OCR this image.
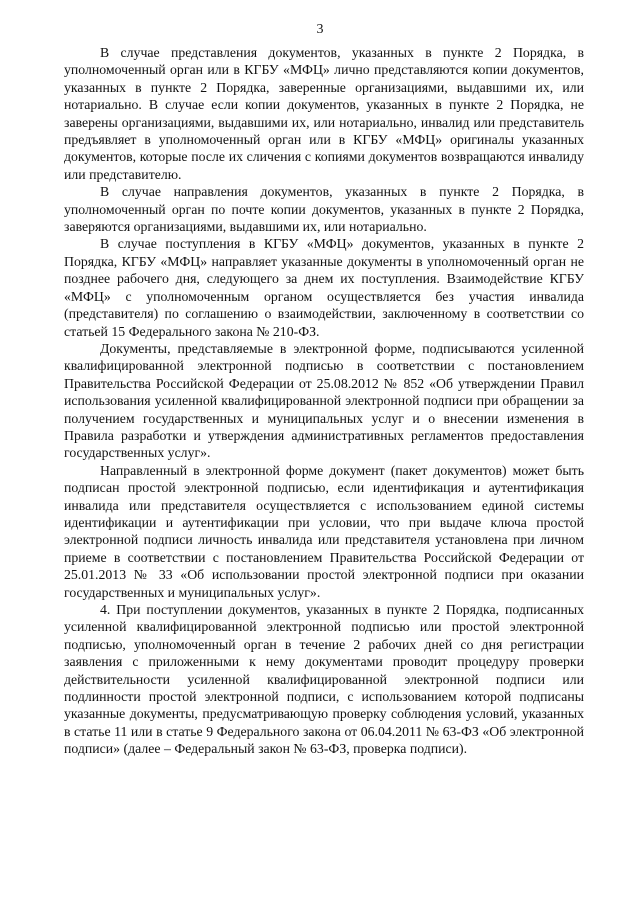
3

В случае представления документов, указанных в пункте 2 Порядка, в уполномоченный орган или в КГБУ «МФЦ» лично представляются копии документов, указанных в пункте 2 Порядка, заверенные организациями, выдавшими их, или нотариально. В случае если копии документов, указанных в пункте 2 Порядка, не заверены организациями, выдавшими их, или нотариально, инвалид или представитель предъявляет в уполномоченный орган или в КГБУ «МФЦ» оригиналы указанных документов, которые после их сличения с копиями документов возвращаются инвалиду или представителю.

В случае направления документов, указанных в пункте 2 Порядка, в уполномоченный орган по почте копии документов, указанных в пункте 2 Порядка, заверяются организациями, выдавшими их, или нотариально.

В случае поступления в КГБУ «МФЦ» документов, указанных в пункте 2 Порядка, КГБУ «МФЦ» направляет указанные документы в уполномоченный орган не позднее рабочего дня, следующего за днем их поступления. Взаимодействие КГБУ «МФЦ» с уполномоченным органом осуществляется без участия инвалида (представителя) по соглашению о взаимодействии, заключенному в соответствии со статьей 15 Федерального закона № 210-ФЗ.

Документы, представляемые в электронной форме, подписываются усиленной квалифицированной электронной подписью в соответствии с постановлением Правительства Российской Федерации от 25.08.2012 № 852 «Об утверждении Правил использования усиленной квалифицированной электронной подписи при обращении за получением государственных и муниципальных услуг и о внесении изменения в Правила разработки и утверждения административных регламентов предоставления государственных услуг».

Направленный в электронной форме документ (пакет документов) может быть подписан простой электронной подписью, если идентификация и аутентификация инвалида или представителя осуществляется с использованием единой системы идентификации и аутентификации при условии, что при выдаче ключа простой электронной подписи личность инвалида или представителя установлена при личном приеме в соответствии с постановлением Правительства Российской Федерации от 25.01.2013 № 33 «Об использовании простой электронной подписи при оказании государственных и муниципальных услуг».

4. При поступлении документов, указанных в пункте 2 Порядка, подписанных усиленной квалифицированной электронной подписью или простой электронной подписью, уполномоченный орган в течение 2 рабочих дней со дня регистрации заявления с приложенными к нему документами проводит процедуру проверки действительности усиленной квалифицированной электронной подписи или подлинности простой электронной подписи, с использованием которой подписаны указанные документы, предусматривающую проверку соблюдения условий, указанных в статье 11 или в статье 9 Федерального закона от 06.04.2011 № 63-ФЗ «Об электронной подписи» (далее – Федеральный закон № 63-ФЗ, проверка подписи).
